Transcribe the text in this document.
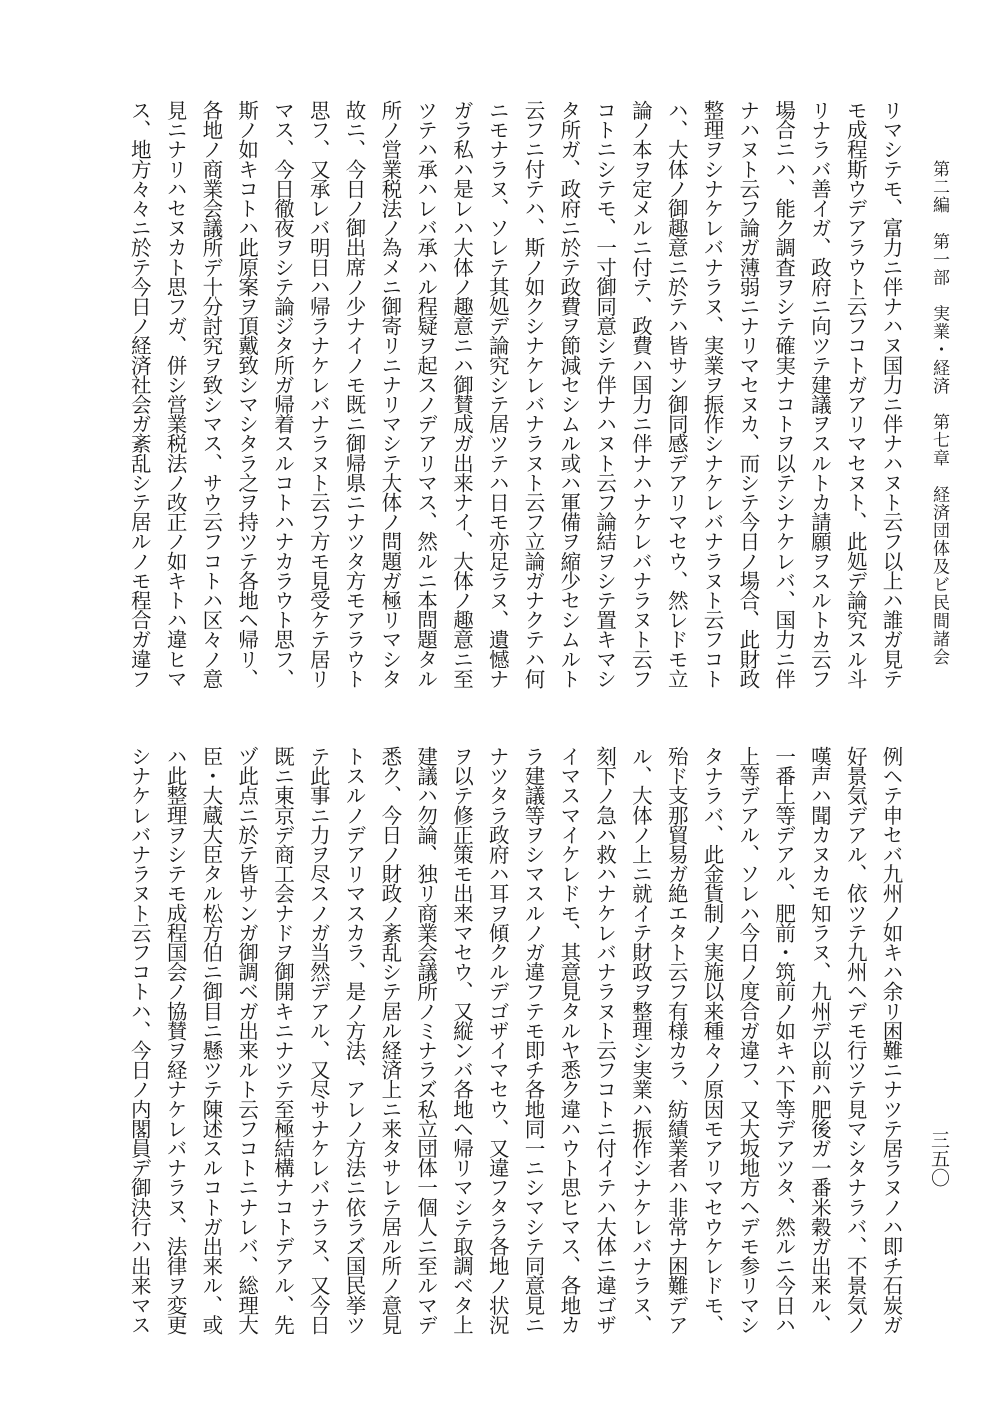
第二編　第一部　実業・経済　第七章　経済団体及ビ民間諸会
三五〇
リマシテモ、富力ニ伴ナハヌ国力ニ伴ナハヌト云フ以上ハ誰ガ見テ
モ成程斯ウデアラウト云フコトガアリマセヌト、此処デ論究スル斗
リナラバ善イガ、政府ニ向ツテ建議ヲスルトカ請願ヲスルトカ云フ
場合ニハ、能ク調査ヲシテ確実ナコトヲ以テシナケレバ、国力ニ伴
ナハヌト云フ論ガ薄弱ニナリマセヌカ、而シテ今日ノ場合、此財政
整理ヲシナケレバナラヌ、実業ヲ振作シナケレバナラヌト云フコト
ハ、大体ノ御趣意ニ於テハ皆サン御同感デアリマセウ、然レドモ立
論ノ本ヲ定メルニ付テ、政費ハ国力ニ伴ナハナケレバナラヌト云フ
コトニシテモ、一寸御同意シテ伴ナハヌト云フ論結ヲシテ置キマシ
タ所ガ、政府ニ於テ政費ヲ節減セシムル或ハ軍備ヲ縮少セシムルト
云フニ付テハ、斯ノ如クシナケレバナラヌト云フ立論ガナクテハ何
ニモナラヌ、ソレテ其処デ論究シテ居ツテハ日モ亦足ラヌ、遺憾ナ
ガラ私ハ是レハ大体ノ趣意ニハ御賛成ガ出来ナイ、大体ノ趣意ニ至
ツテハ承ハレバ承ハル程疑ヲ起スノデアリマス、然ルニ本問題タル
所ノ営業税法ノ為メニ御寄リニナリマシテ大体ノ問題ガ極リマシタ
故ニ、今日ノ御出席ノ少ナイノモ既ニ御帰県ニナツタ方モアラウト
思フ、又承レバ明日ハ帰ラナケレバナラヌト云フ方モ見受ケテ居リ
マス、今日徹夜ヲシテ論ジタ所ガ帰着スルコトハナカラウト思フ、
斯ノ如キコトハ此原案ヲ頂戴致シマシタラ之ヲ持ツテ各地ヘ帰リ、
各地ノ商業会議所デ十分討究ヲ致シマス、サウ云フコトハ区々ノ意
見ニナリハセヌカト思フガ、併シ営業税法ノ改正ノ如キトハ違ヒマ
ス、地方々々ニ於テ今日ノ経済社会ガ紊乱シテ居ルノモ程合ガ違フ
例ヘテ申セバ九州ノ如キハ余リ困難ニナツテ居ラヌノハ即チ石炭ガ
好景気デアル、依ツテ九州ヘデモ行ツテ見マシタナラバ、不景気ノ
嘆声ハ聞カヌカモ知ラヌ、九州デ以前ハ肥後ガ一番米穀ガ出来ル、
一番上等デアル、肥前・筑前ノ如キハ下等デアツタ、然ルニ今日ハ
上等デアル、ソレハ今日ノ度合ガ違フ、又大坂地方ヘデモ参リマシ
タナラバ、此金貨制ノ実施以来種々ノ原因モアリマセウケレドモ、
殆ド支那貿易ガ絶エタト云フ有様カラ、紡績業者ハ非常ナ困難デア
ル、大体ノ上ニ就イテ財政ヲ整理シ実業ハ振作シナケレバナラヌ、
刻下ノ急ハ救ハナケレバナラヌト云フコトニ付イテハ大体ニ違ゴザ
イマスマイケレドモ、其意見タルヤ悉ク違ハウト思ヒマス、各地カ
ラ建議等ヲシマスルノガ違フテモ即チ各地同一ニシマシテ同意見ニ
ナツタラ政府ハ耳ヲ傾クルデゴザイマセウ、又違フタラ各地ノ状況
ヲ以テ修正策モ出来マセウ、又縦ンバ各地ヘ帰リマシテ取調ベタ上
建議ハ勿論、独リ商業会議所ノミナラズ私立団体一個人ニ至ルマデ
悉ク、今日ノ財政ノ紊乱シテ居ル経済上ニ来タサレテ居ル所ノ意見
トスルノデアリマスカラ、是ノ方法、アレノ方法ニ依ラズ国民挙ツ
テ此事ニ力ヲ尽スノガ当然デアル、又尽サナケレバナラヌ、又今日
既ニ東京デ商工会ナドヲ御開キニナツテ至極結構ナコトデアル、先
ヅ此点ニ於テ皆サンガ御調ベガ出来ルト云フコトニナレバ、総理大
臣・大蔵大臣タル松方伯ニ御目ニ懸ツテ陳述スルコトガ出来ル、或
ハ此整理ヲシテモ成程国会ノ協賛ヲ経ナケレバナラヌ、法律ヲ変更
シナケレバナラヌト云フコトハ、今日ノ内閣員デ御決行ハ出来マス
